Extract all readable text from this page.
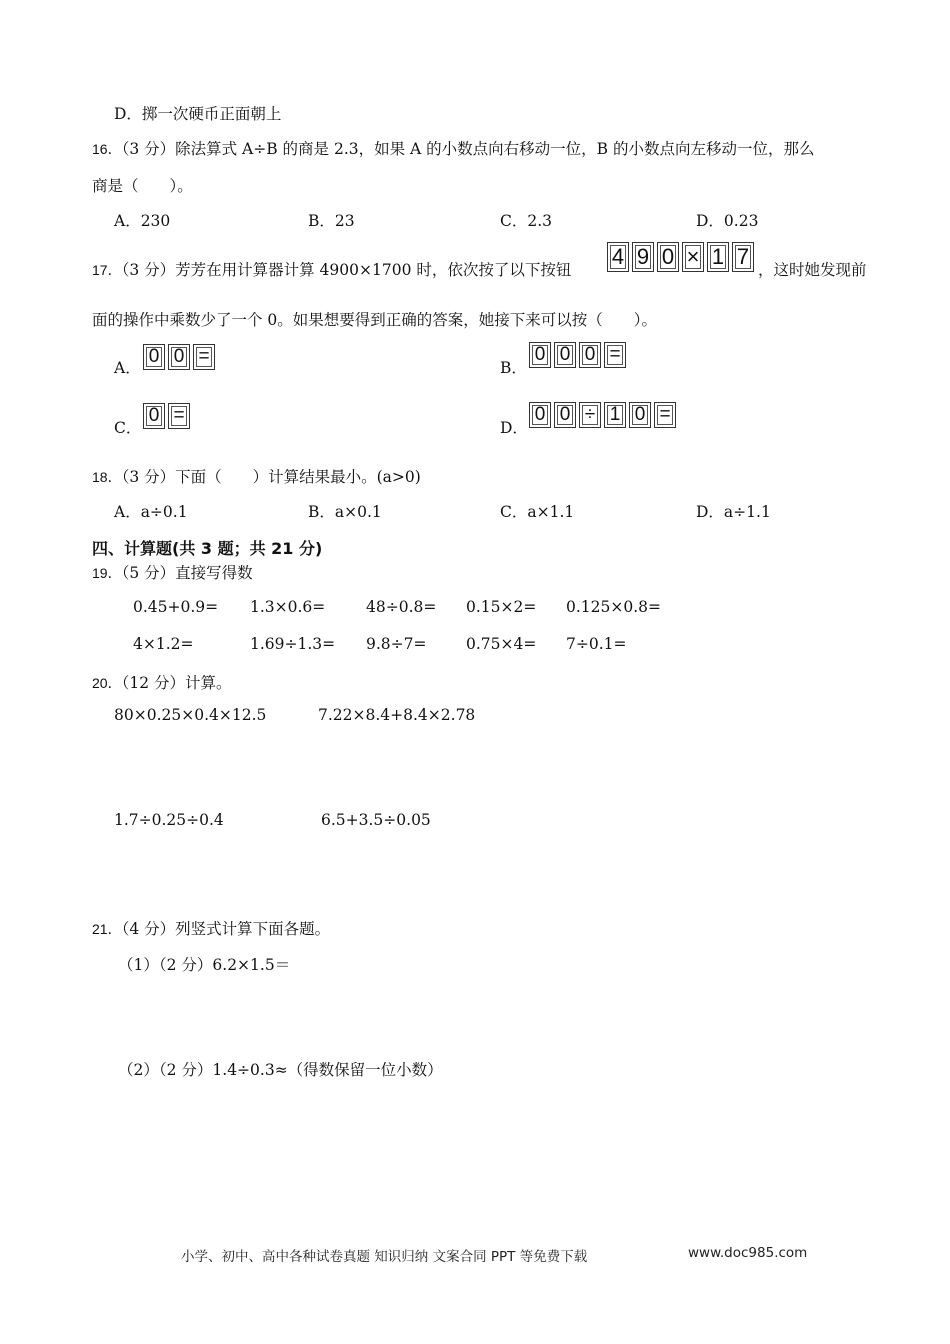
D．掷一次硬币正面朝上
16．（3 分）除法算式 A÷B 的商是 2.3，如果 A 的小数点向右移动一位，B 的小数点向左移动一位，那么
商是（　　）。
A．230	B．23	C．2.3	D．0.23
17．（3 分）芳芳在用计算器计算 4900×1700 时，依次按了以下按钮
4 9 0 × 1 7
，这时她发现前
面的操作中乘数少了一个 0。如果想要得到正确的答案，她接下来可以按（　　）。
A．
0 0 =
B．
0 0 0 =
C．
0 =
D．
0 0 ÷ 1 0 =
18．（3 分）下面（　　）计算结果最小。(a>0)
A．a÷0.1	B．a×0.1	C．a×1.1	D．a÷1.1
四、计算题(共 3 题；共 21 分)
19．（5 分）直接写得数
0.45+0.9= 1.3×0.6=	48÷0.8= 0.15×2= 0.125×0.8=
4×1.2=	1.69÷1.3= 9.8÷7=	0.75×4= 7÷0.1=
20．（12 分）计算。
80×0.25×0.4×12.5	7.22×8.4+8.4×2.78
1.7÷0.25÷0.4	6.5+3.5÷0.05
21．（4 分）列竖式计算下面各题。
（1）（2 分）6.2×1.5＝
（2）（2 分）1.4÷0.3≈（得数保留一位小数）
小学、初中、高中各种试卷真题 知识归纳 文案合同 PPT 等免费下载	www.doc985.com
